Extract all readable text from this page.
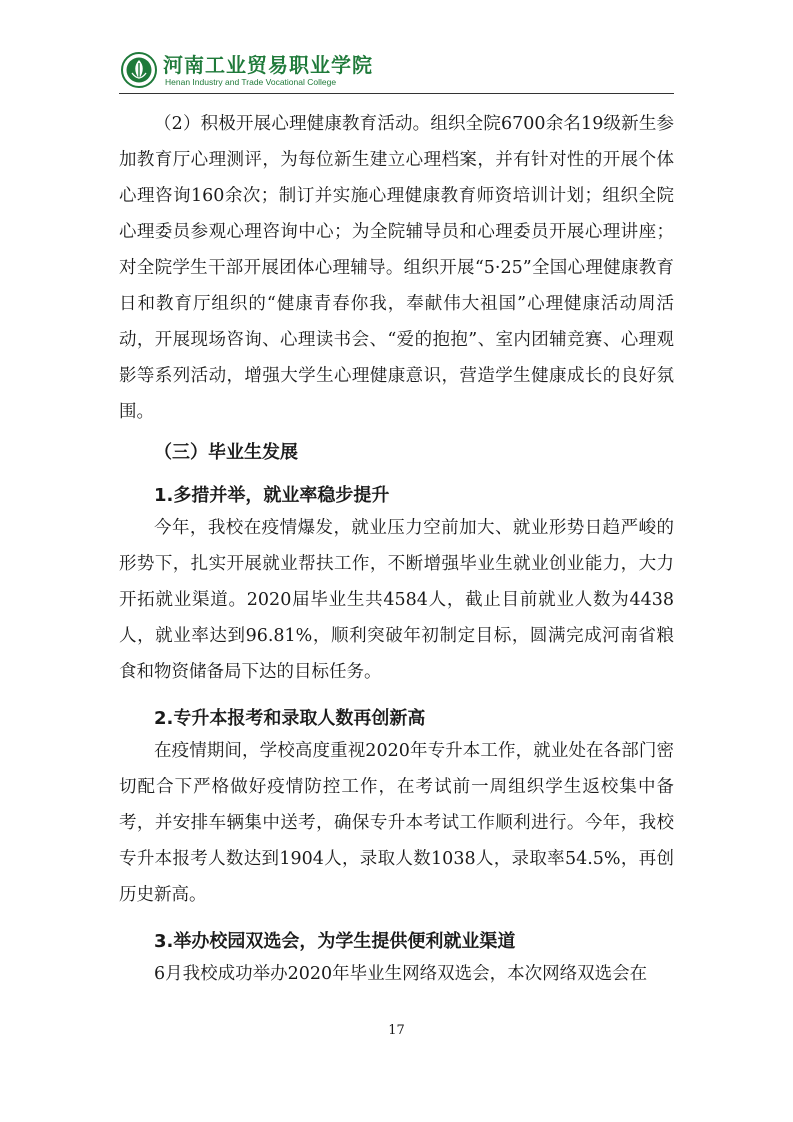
河南工业贸易职业学院
Henan Industry and Trade Vocational College

（2）积极开展心理健康教育活动。组织全院6700余名19级新生参加教育厅心理测评，为每位新生建立心理档案，并有针对性的开展个体心理咨询160余次；制订并实施心理健康教育师资培训计划；组织全院心理委员参观心理咨询中心；为全院辅导员和心理委员开展心理讲座；对全院学生干部开展团体心理辅导。组织开展“5·25”全国心理健康教育日和教育厅组织的“健康青春你我，奉献伟大祖国”心理健康活动周活动，开展现场咨询、心理读书会、“爱的抱抱”、室内团辅竞赛、心理观影等系列活动，增强大学生心理健康意识，营造学生健康成长的良好氛围。

（三）毕业生发展
1.多措并举，就业率稳步提升

今年，我校在疫情爆发，就业压力空前加大、就业形势日趋严峻的形势下，扎实开展就业帮扶工作，不断增强毕业生就业创业能力，大力开拓就业渠道。2020届毕业生共4584人，截止目前就业人数为4438人，就业率达到96.81%，顺利突破年初制定目标，圆满完成河南省粮食和物资储备局下达的目标任务。

2.专升本报考和录取人数再创新高

在疫情期间，学校高度重视2020年专升本工作，就业处在各部门密切配合下严格做好疫情防控工作，在考试前一周组织学生返校集中备考，并安排车辆集中送考，确保专升本考试工作顺利进行。今年，我校专升本报考人数达到1904人，录取人数1038人，录取率54.5%，再创历史新高。

3.举办校园双选会，为学生提供便利就业渠道

6月我校成功举办2020年毕业生网络双选会，本次网络双选会在

17
